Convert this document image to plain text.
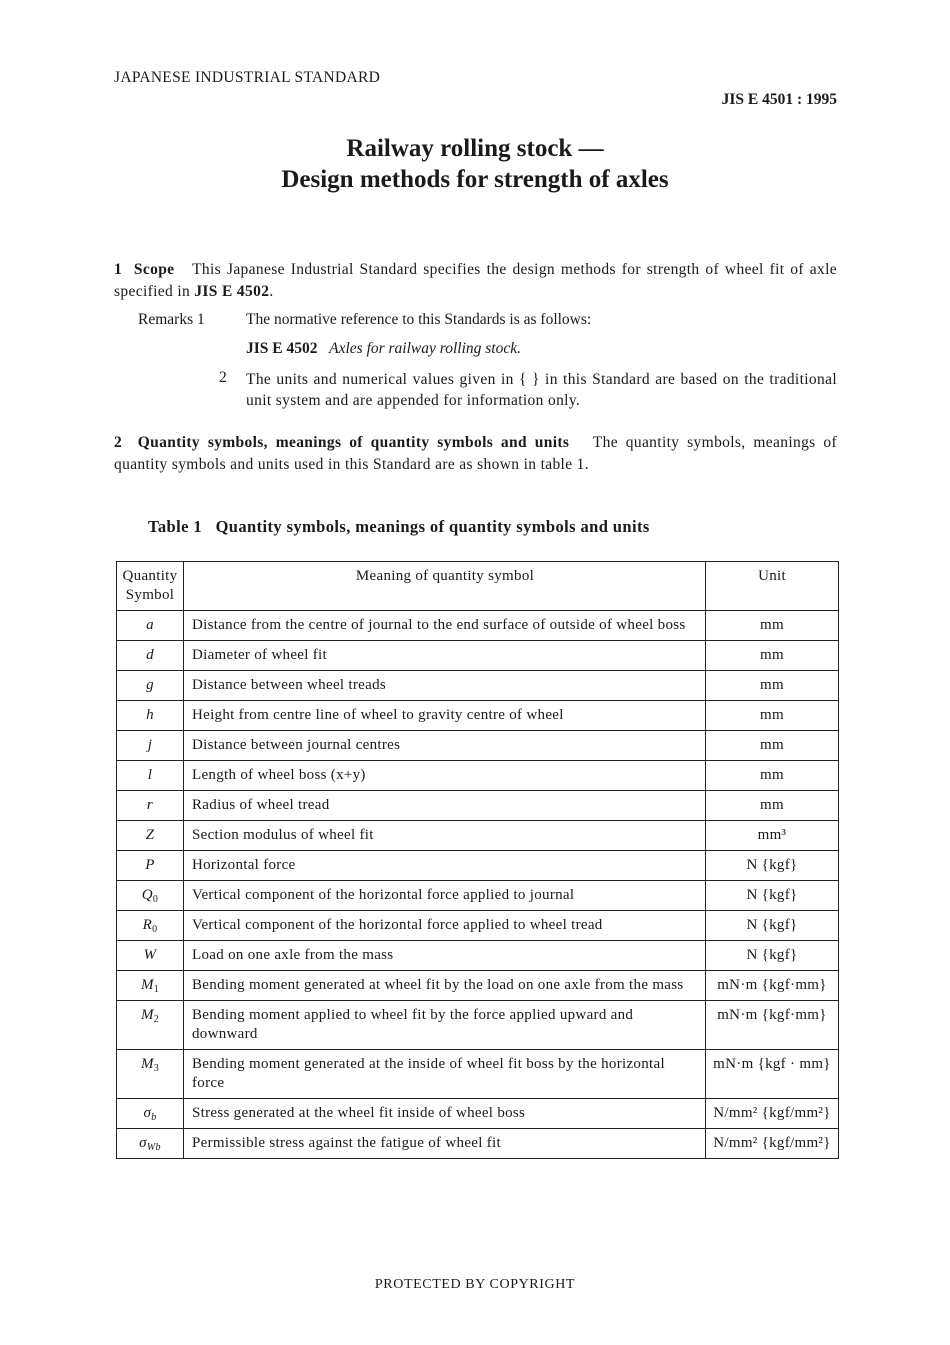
JAPANESE INDUSTRIAL STANDARD
JIS E 4501 : 1995
Railway rolling stock —
Design methods for strength of axles
1 Scope This Japanese Industrial Standard specifies the design methods for strength of wheel fit of axle specified in JIS E 4502.
Remarks 1	The normative reference to this Standards is as follows:
JIS E 4502 Axles for railway rolling stock.
2 The units and numerical values given in { } in this Standard are based on the traditional unit system and are appended for information only.
2 Quantity symbols, meanings of quantity symbols and units The quantity symbols, meanings of quantity symbols and units used in this Standard are as shown in table 1.
Table 1 Quantity symbols, meanings of quantity symbols and units
Quantity
Symbol	Meaning of quantity symbol	Unit
a	Distance from the centre of journal to the end surface of outside of wheel boss	mm
d	Diameter of wheel fit	mm
g	Distance between wheel treads	mm
h	Height from centre line of wheel to gravity centre of wheel	mm
j	Distance between journal centres	mm
l	Length of wheel boss (x+y)	mm
r	Radius of wheel tread	mm
Z	Section modulus of wheel fit	mm³
P	Horizontal force	N {kgf}
$Q_0$	Vertical component of the horizontal force applied to journal	N {kgf}
$R_0$	Vertical component of the horizontal force applied to wheel tread	N {kgf}
W	Load on one axle from the mass	N {kgf}
$M_1$	Bending moment generated at wheel fit by the load on one axle from the mass	mN·m {kgf·mm}
$M_2$	Bending moment applied to wheel fit by the force applied upward and downward	mN·m {kgf·mm}
$M_3$	Bending moment generated at the inside of wheel fit boss by the horizontal force	mN·m {kgf · mm}
$\sigma_b$	Stress generated at the wheel fit inside of wheel boss	N/mm² {kgf/mm²}
$\sigma_{Wb}$	Permissible stress against the fatigue of wheel fit	N/mm² {kgf/mm²}
PROTECTED BY COPYRIGHT
